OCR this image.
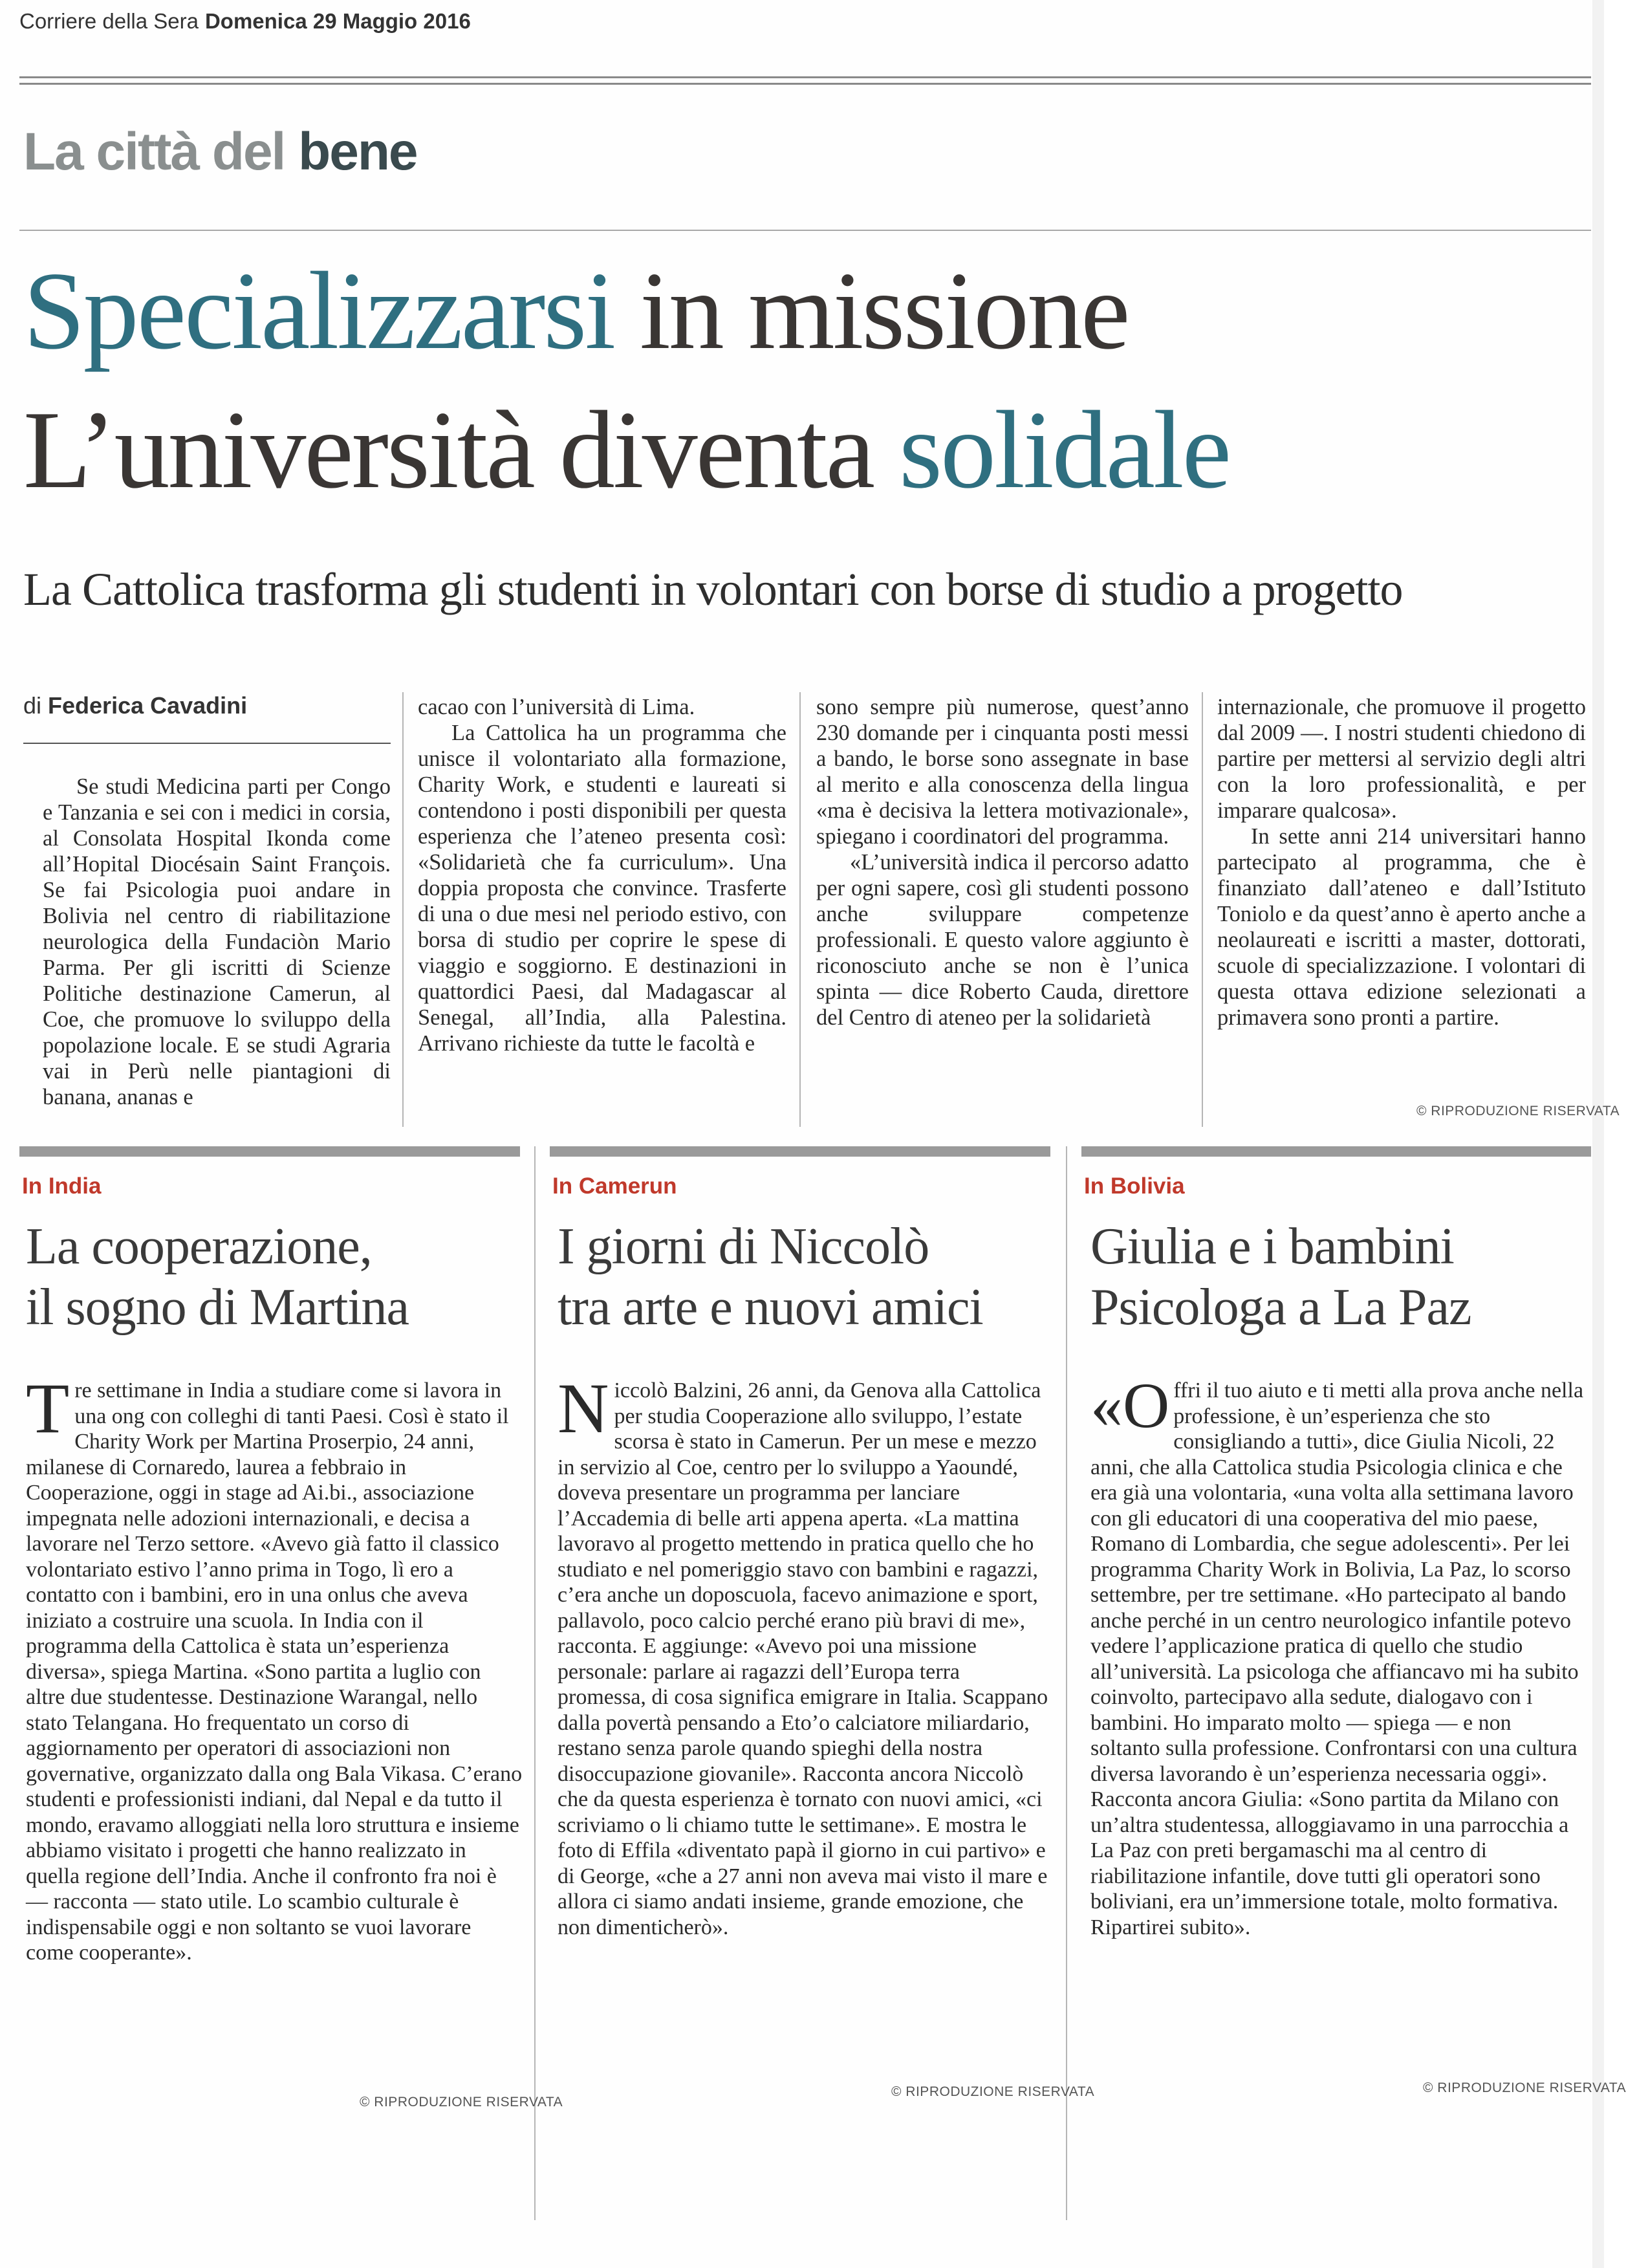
Corriere della Sera Domenica 29 Maggio 2016
La città del bene
Specializzarsi in missione
L’università diventa solidale
La Cattolica trasforma gli studenti in volontari con borse di studio a progetto
di Federica Cavadini

Se studi Medicina parti per Congo e Tanzania e sei con i medici in corsia, al Consolata Hospital Ikonda come all’Hopital Diocésain Saint François. Se fai Psicologia puoi andare in Bolivia nel centro di riabilitazione neurologica della Fundaciòn Mario Parma. Per gli iscritti di Scienze Politiche destinazione Camerun, al Coe, che promuove lo sviluppo della popolazione locale. E se studi Agraria vai in Perù nelle piantagioni di banana, ananas e

cacao con l’università di Lima.

La Cattolica ha un programma che unisce il volontariato alla formazione, Charity Work, e studenti e laureati si contendono i posti disponibili per questa esperienza che l’ateneo presenta così: «Solidarietà che fa curriculum». Una doppia proposta che convince. Trasferte di una o due mesi nel periodo estivo, con borsa di studio per coprire le spese di viaggio e soggiorno. E destinazioni in quattordici Paesi, dal Madagascar al Senegal, all’India, alla Palestina. Arrivano richieste da tutte le facoltà e

sono sempre più numerose, quest’anno 230 domande per i cinquanta posti messi a bando, le borse sono assegnate in base al merito e alla conoscenza della lingua «ma è decisiva la lettera motivazionale», spiegano i coordinatori del programma.

«L’università indica il percorso adatto per ogni sapere, così gli studenti possono anche sviluppare competenze professionali. E questo valore aggiunto è riconosciuto anche se non è l’unica spinta — dice Roberto Cauda, direttore del Centro di ateneo per la solidarietà

internazionale, che promuove il progetto dal 2009 —. I nostri studenti chiedono di partire per mettersi al servizio degli altri con la loro professionalità, e per imparare qualcosa».

In sette anni 214 universitari hanno partecipato al programma, che è finanziato dall’ateneo e dall’Istituto Toniolo e da quest’anno è aperto anche a neolaureati e iscritti a master, dottorati, scuole di specializzazione. I volontari di questa ottava edizione selezionati a primavera sono pronti a partire.

© RIPRODUZIONE RISERVATA
In India
La cooperazione,
il sogno di Martina
Tre settimane in India a studiare come si lavora in una ong con colleghi di tanti Paesi. Così è stato il Charity Work per Martina Proserpio, 24 anni, milanese di Cornaredo, laurea a febbraio in Cooperazione, oggi in stage ad Ai.bi., associazione impegnata nelle adozioni internazionali, e decisa a lavorare nel Terzo settore. «Avevo già fatto il classico volontariato estivo l’anno prima in Togo, lì ero a contatto con i bambini, ero in una onlus che aveva iniziato a costruire una scuola. In India con il programma della Cattolica è stata un’esperienza diversa», spiega Martina. «Sono partita a luglio con altre due studentesse. Destinazione Warangal, nello stato Telangana. Ho frequentato un corso di aggiornamento per operatori di associazioni non governative, organizzato dalla ong Bala Vikasa. C’erano studenti e professionisti indiani, dal Nepal e da tutto il mondo, eravamo alloggiati nella loro struttura e insieme abbiamo visitato i progetti che hanno realizzato in quella regione dell’India. Anche il confronto fra noi è — racconta — stato utile. Lo scambio culturale è indispensabile oggi e non soltanto se vuoi lavorare come cooperante».
© RIPRODUZIONE RISERVATA
In Camerun
I giorni di Niccolò
tra arte e nuovi amici
Niccolò Balzini, 26 anni, da Genova alla Cattolica per studia Cooperazione allo sviluppo, l’estate scorsa è stato in Camerun. Per un mese e mezzo in servizio al Coe, centro per lo sviluppo a Yaoundé, doveva presentare un programma per lanciare l’Accademia di belle arti appena aperta. «La mattina lavoravo al progetto mettendo in pratica quello che ho studiato e nel pomeriggio stavo con bambini e ragazzi, c’era anche un doposcuola, facevo animazione e sport, pallavolo, poco calcio perché erano più bravi di me», racconta. E aggiunge: «Avevo poi una missione personale: parlare ai ragazzi dell’Europa terra promessa, di cosa significa emigrare in Italia. Scappano dalla povertà pensando a Eto’o calciatore miliardario, restano senza parole quando spieghi della nostra disoccupazione giovanile». Racconta ancora Niccolò che da questa esperienza è tornato con nuovi amici, «ci scriviamo o li chiamo tutte le settimane». E mostra le foto di Effila «diventato papà il giorno in cui partivo» e di George, «che a 27 anni non aveva mai visto il mare e allora ci siamo andati insieme, grande emozione, che non dimenticherò».
© RIPRODUZIONE RISERVATA
In Bolivia
Giulia e i bambini
Psicologa a La Paz
«Offri il tuo aiuto e ti metti alla prova anche nella professione, è un’esperienza che sto consigliando a tutti», dice Giulia Nicoli, 22 anni, che alla Cattolica studia Psicologia clinica e che era già una volontaria, «una volta alla settimana lavoro con gli educatori di una cooperativa del mio paese, Romano di Lombardia, che segue adolescenti». Per lei programma Charity Work in Bolivia, La Paz, lo scorso settembre, per tre settimane. «Ho partecipato al bando anche perché in un centro neurologico infantile potevo vedere l’applicazione pratica di quello che studio all’università. La psicologa che affiancavo mi ha subito coinvolto, partecipavo alla sedute, dialogavo con i bambini. Ho imparato molto — spiega — e non soltanto sulla professione. Confrontarsi con una cultura diversa lavorando è un’esperienza necessaria oggi». Racconta ancora Giulia: «Sono partita da Milano con un’altra studentessa, alloggiavamo in una parrocchia a La Paz con preti bergamaschi ma al centro di riabilitazione infantile, dove tutti gli operatori sono boliviani, era un’immersione totale, molto formativa. Ripartirei subito».
© RIPRODUZIONE RISERVATA
